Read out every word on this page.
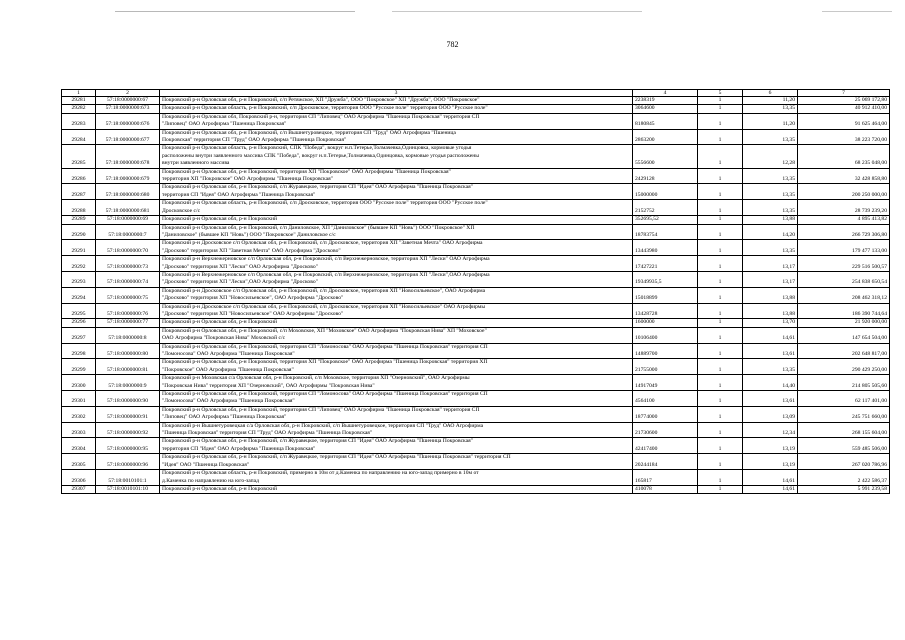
782
1	2	3	4	5	6	7
29281	57:18:0000000:67	Покровский р-н Орловская обл, р-н Покровский, с/п Ретяжское, ХП "Дружба", ООО "Покровское" ХП "Дружба", ООО "Покровское"	2238319	1	11,20	25 069 172,80
29282	57:18:0000000:673	Покровский р-н Орловская область, р-н Покровский, с/п Дросковское, территория ООО "Русское поле" территория ООО "Русское поле"	3064600	1	13,35	40 912 410,00
29283	57:18:0000000:676	Покровский р-н Орловская обл, Покровский р-н, территория СП "Липовец" ОАО Агрофирма "Пшеница Покровская" территория СП
"Липовец" ОАО Агрофирма "Пшеница Покровская"	8180845	1	11,20	91 625 464,00
29284	57:18:0000000:677	Покровский р-н Орловская обл, р-н Покровский, с/п Вышнетуровецкое, территория СП "Труд" ОАО Агрофирма "Пшеница
Покровская" территория СП "Труд" ОАО Агрофирма "Пшеница Покровская"	2863200	1	13,35	38 223 720,00
29285	57:18:0000000:678	Покровский р-н Орловская область, р-н Покровский, СПК "Победа", вокруг н.п.Тетерье,Толмачевка,Одинцовка, кормовые угодья
расположены внутри заявленного массива СПК "Победа", вокруг н.п.Тетерье,Толмачевка,Одинцовка, кормовые угодья расположены
внутри заявленного массива	5556600	1	12,28	68 235 048,00
29286	57:18:0000000:679	Покровский р-н Орловская обл, р-н Покровский, территория ХП "Покровское" ОАО Агрофирмы "Пшеница Покровская"
территория ХП "Покровское" ОАО Агрофирмы "Пшеница Покровская"	2429128	1	13,35	32 428 858,80
29287	57:18:0000000:680	Покровский р-н Орловская обл, р-н Покровский, с/п Журавецкое, территория СП "Идея" ОАО Агрофирма "Пшеница Покровская"
территория СП "Идея" ОАО Агрофирма "Пшеница Покровская"	15000000	1	13,35	200 250 000,00
29288	57:18:0000000:681	Покровский р-н Орловская область, р-н Покровский, с/п Дросковское, территория ООО "Русское поле" территория ООО "Русское поле"
Дросковское с/с	2152752	1	13,35	28 739 239,20
29289	57:18:0000000:69	Покровский р-н Орловская обл, р-н Покровский	352695,52	1	13,88	4 895 413,82
29290	57:18:0000000:7	Покровский р-н Орловская обл, р-н Покровский, с/п Даниловское, ХП "Даниловское" (бывшее КП "Новь") ООО "Покровское" ХП
"Даниловское" (бывшее КП "Новь") ООО "Покровское" Даниловское с/с	18783754	1	14,20	266 729 306,80
29291	57:18:0000000:70	Покровский р-н Дросковское с/п Орловская обл, р-н Покровский, с/п Дросковское, территория ХП "Заветная Мечта" ОАО Агрофирма
"Дросково" территория ХП "Заветная Мечта" ОАО Агрофирма "Дросково"	13443980	1	13,35	179 477 133,00
29292	57:18:0000000:73	Покровский р-н Верхнежерновское с/п Орловская обл, р-н Покровский, с/п Верхнежерновское, территория ХП "Лески" ОАО Агрофирма
"Дросково" территория ХП "Лески" ОАО Агрофирма "Дросково"	17427221	1	13,17	229 516 500,57
29293	57:18:0000000:74	Покровский р-н Верхнежерновское с/п Орловская обл, р-н Покровский, с/п Верхнежерновское, территория ХП "Лески",ОАО Агрофирма
"Дросково" территория ХП "Лески",ОАО Агрофирма "Дросково"	19349935,5	1	13,17	254 838 650,54
29294	57:18:0000000:75	Покровский р-н Дросковское с/п Орловская обл, р-н Покровский, с/п Дросковское, территория ХП "Новосильевское", ОАО Агрофирма
"Дросково" территория ХП "Новосильевское", ОАО Агрофирма "Дросково"	15018899	1	13,88	208 462 318,12
29295	57:18:0000000:76	Покровский р-н Дросковское с/п Орловская обл, р-н Покровский, с/п Дросковское, территория ХП "Новосильевское" ОАО Агрофирмы
"Дросково" территория ХП "Новосильевское" ОАО Агрофирмы "Дросково"	13428728	1	13,88	186 390 744,64
29296	57:18:0000000:77	Покровский р-н Орловская обл, р-н Покровский	1600000	1	13,70	21 920 000,00
29297	57:18:0000000:8	Покровский р-н Орловская обл, р-н Покровский, с/п Моховское, ХП "Моховское" ОАО Агрофирма "Покровская Нива" ХП "Моховское"
ОАО Агрофирма "Покровская Нива" Моховской с/с	10106400	1	14,61	147 654 504,00
29298	57:18:0000000:80	Покровский р-н Орловская обл, р-н Покровский, территория СП "Ломоносова" ОАО Агрофирма "Пшеница Покровская" территория СП
"Ломоносова" ОАО Агрофирма "Пшеница Покровская"	14889700	1	13,61	202 648 817,00
29299	57:18:0000000:81	Покровский р-н Орловская обл, р-н Покровский, территория ХП "Покровское" ОАО Агрофирма "Пшеница Покровская" территория ХП
"Покровское" ОАО Агрофирма "Пшеница Покровская"	21755000	1	13,35	290 429 250,00
29300	57:18:0000000:9	Покровский р-н Моховская с/а Орловская обл, р-н Покровский, с/п Моховское, территория ХП "Озерновский", ОАО Агрофирмы
"Покровская Нива" территория ХП "Озерновский", ОАО Агрофирмы "Покровская Нива"	14917049	1	14,40	214 805 505,60
29301	57:18:0000000:90	Покровский р-н Орловская обл, р-н Покровский, территория СП "Ломоносова" ОАО Агрофирма "Пшеница Покровская" территория СП
"Ломоносова" ОАО Агрофирма "Пшеница Покровская"	4564100	1	13,61	62 117 401,00
29302	57:18:0000000:91	Покровский р-н Орловская обл, р-н Покровский, территория СП "Липовец" ОАО Агрофирма "Пшеница Покровская" территория СП
"Липовец" ОАО Агрофирма "Пшеница Покровская"	18774000	1	13,09	245 751 660,00
29303	57:18:0000000:92	Покровский р-н Вышнетуровецкая с/а Орловская обл, р-н Покровский, с/п Вышнетуровецкое, территория СП "Труд" ОАО Агрофирма
"Пшеница Покровская" территория СП "Труд" ОАО Агрофирма "Пшеница Покровская"	21730600	1	12,34	268 155 604,00
29304	57:18:0000000:95	Покровский р-н Орловская обл, р-н Покровский, с/п Журавецкое, территория СП "Идея" ОАО Агрофирма "Пшеница Покровская"
территория СП "Идея" ОАО Агрофирма "Пшеница Покровская"	42417400	1	13,19	559 485 506,00
29305	57:18:0000000:96	Покровский р-н Орловская обл, р-н Покровский, с/п Журавецкое, территория СП "Идея" ОАО Агрофирма "Пшеница Покровская" территория СП
"Идея" ОАО "Пшеница Покровская"	20244184	1	13,19	267 020 786,96
29306	57:18:0010101:1	Покровский р-н Орловская область, р-н Покровский, примерно в 10м от д.Каменка по направлению на юго-запад примерно в 10м от
д.Каменка по направлению на юго-запад	165817	1	14,61	2 422 586,37
29307	57:18:0010101:10	Покровский р-н Орловская обл, р-н Покровский	410078	1	14,61	5 991 239,58
